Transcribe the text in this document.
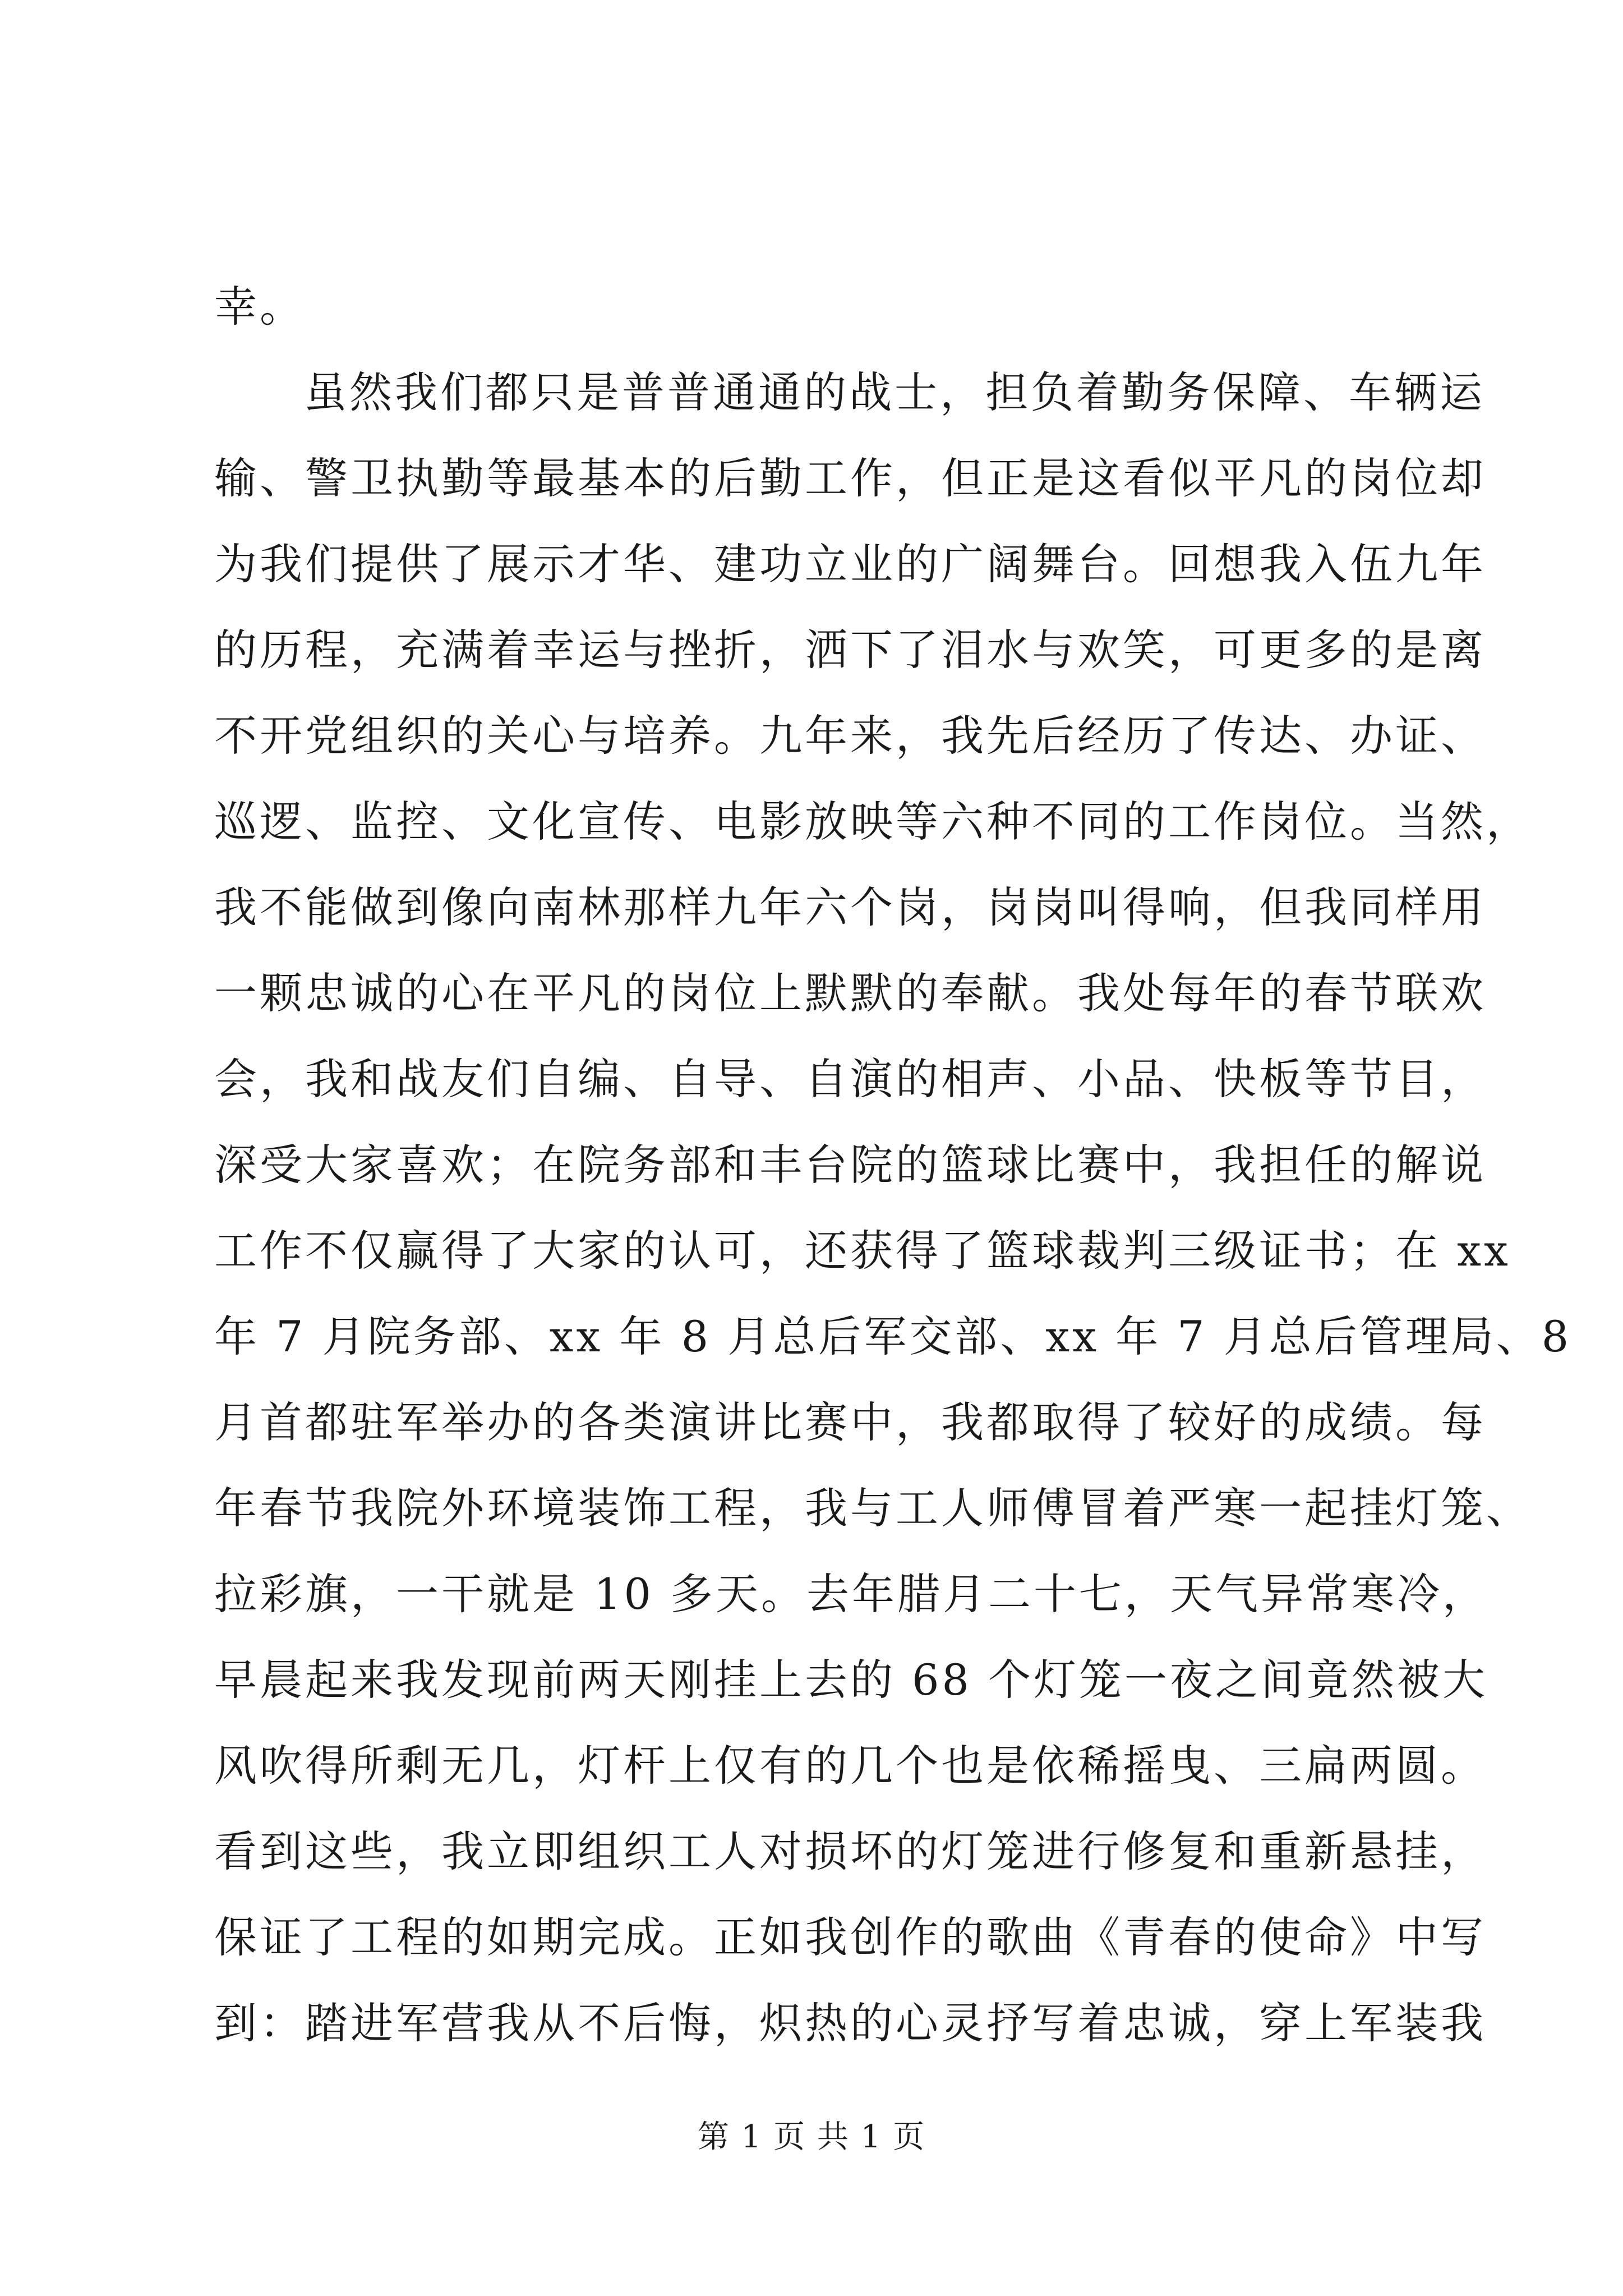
幸。
虽然我们都只是普普通通的战士，担负着勤务保障、车辆运
输、警卫执勤等最基本的后勤工作，但正是这看似平凡的岗位却
为我们提供了展示才华、建功立业的广阔舞台。回想我入伍九年
的历程，充满着幸运与挫折，洒下了泪水与欢笑，可更多的是离
不开党组织的关心与培养。九年来，我先后经历了传达、办证、
巡逻、监控、文化宣传、电影放映等六种不同的工作岗位。当然，
我不能做到像向南林那样九年六个岗，岗岗叫得响，但我同样用
一颗忠诚的心在平凡的岗位上默默的奉献。我处每年的春节联欢
会，我和战友们自编、自导、自演的相声、小品、快板等节目，
深受大家喜欢；在院务部和丰台院的篮球比赛中，我担任的解说
工作不仅赢得了大家的认可，还获得了篮球裁判三级证书；在 xx
年 7 月院务部、xx 年 8 月总后军交部、xx 年 7 月总后管理局、8
月首都驻军举办的各类演讲比赛中，我都取得了较好的成绩。每
年春节我院外环境装饰工程，我与工人师傅冒着严寒一起挂灯笼、
拉彩旗，一干就是 10 多天。去年腊月二十七，天气异常寒冷，
早晨起来我发现前两天刚挂上去的 68 个灯笼一夜之间竟然被大
风吹得所剩无几，灯杆上仅有的几个也是依稀摇曳、三扁两圆。
看到这些，我立即组织工人对损坏的灯笼进行修复和重新悬挂，
保证了工程的如期完成。正如我创作的歌曲《青春的使命》中写
到：踏进军营我从不后悔，炽热的心灵抒写着忠诚，穿上军装我
第 1 页 共 1 页
